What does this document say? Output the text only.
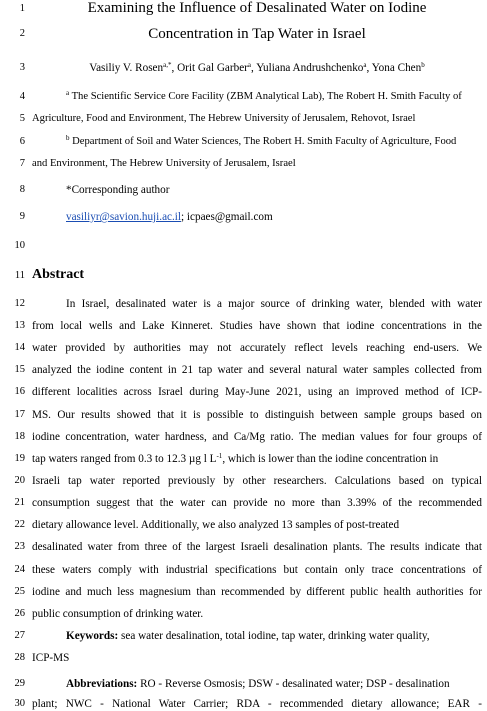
1
2
3
4
5
6
7
8
9
10
11
12
13
14
15
16
17
18
19
20
21
22
23
24
25
26
27
28
29
30
Examining the Influence of Desalinated Water on Iodine
Concentration in Tap Water in Israel
Vasiliy V. Rosen$^{a,*}$, Orit Gal Garber$^a$, Yuliana Andrushchenko$^a$, Yona Chen$^b$
$^a$ The Scientific Service Core Facility (ZBM Analytical Lab), The Robert H. Smith Faculty of
Agriculture, Food and Environment, The Hebrew University of Jerusalem, Rehovot, Israel
$^b$ Department of Soil and Water Sciences, The Robert H. Smith Faculty of Agriculture, Food
and Environment, The Hebrew University of Jerusalem, Israel
*Corresponding author
vasiliyr@savion.huji.ac.il; icpaes@gmail.com
Abstract
In Israel, desalinated water is a major source of drinking water, blended with water
from local wells and Lake Kinneret. Studies have shown that iodine concentrations in the
water provided by authorities may not accurately reflect levels reaching end-users. We
analyzed the iodine content in 21 tap water and several natural water samples collected from
different localities across Israel during May-June 2021, using an improved method of ICP-
MS. Our results showed that it is possible to distinguish between sample groups based on
iodine concentration, water hardness, and Ca/Mg ratio. The median values for four groups of
tap waters ranged from 0.3 to 12.3 µg l $L^{-1}$, which is lower than the iodine concentration in
Israeli tap water reported previously by other researchers. Calculations based on typical
consumption suggest that the water can provide no more than 3.39% of the recommended
dietary allowance level. Additionally, we also analyzed 13 samples of post-treated
desalinated water from three of the largest Israeli desalination plants. The results indicate that
these waters comply with industrial specifications but contain only trace concentrations of
iodine and much less magnesium than recommended by different public health authorities for
public consumption of drinking water.
Keywords: sea water desalination, total iodine, tap water, drinking water quality,
ICP-MS
Abbreviations: RO - Reverse Osmosis; DSW - desalinated water; DSP - desalination
plant; NWC - National Water Carrier; RDA - recommended dietary allowance; EAR -
